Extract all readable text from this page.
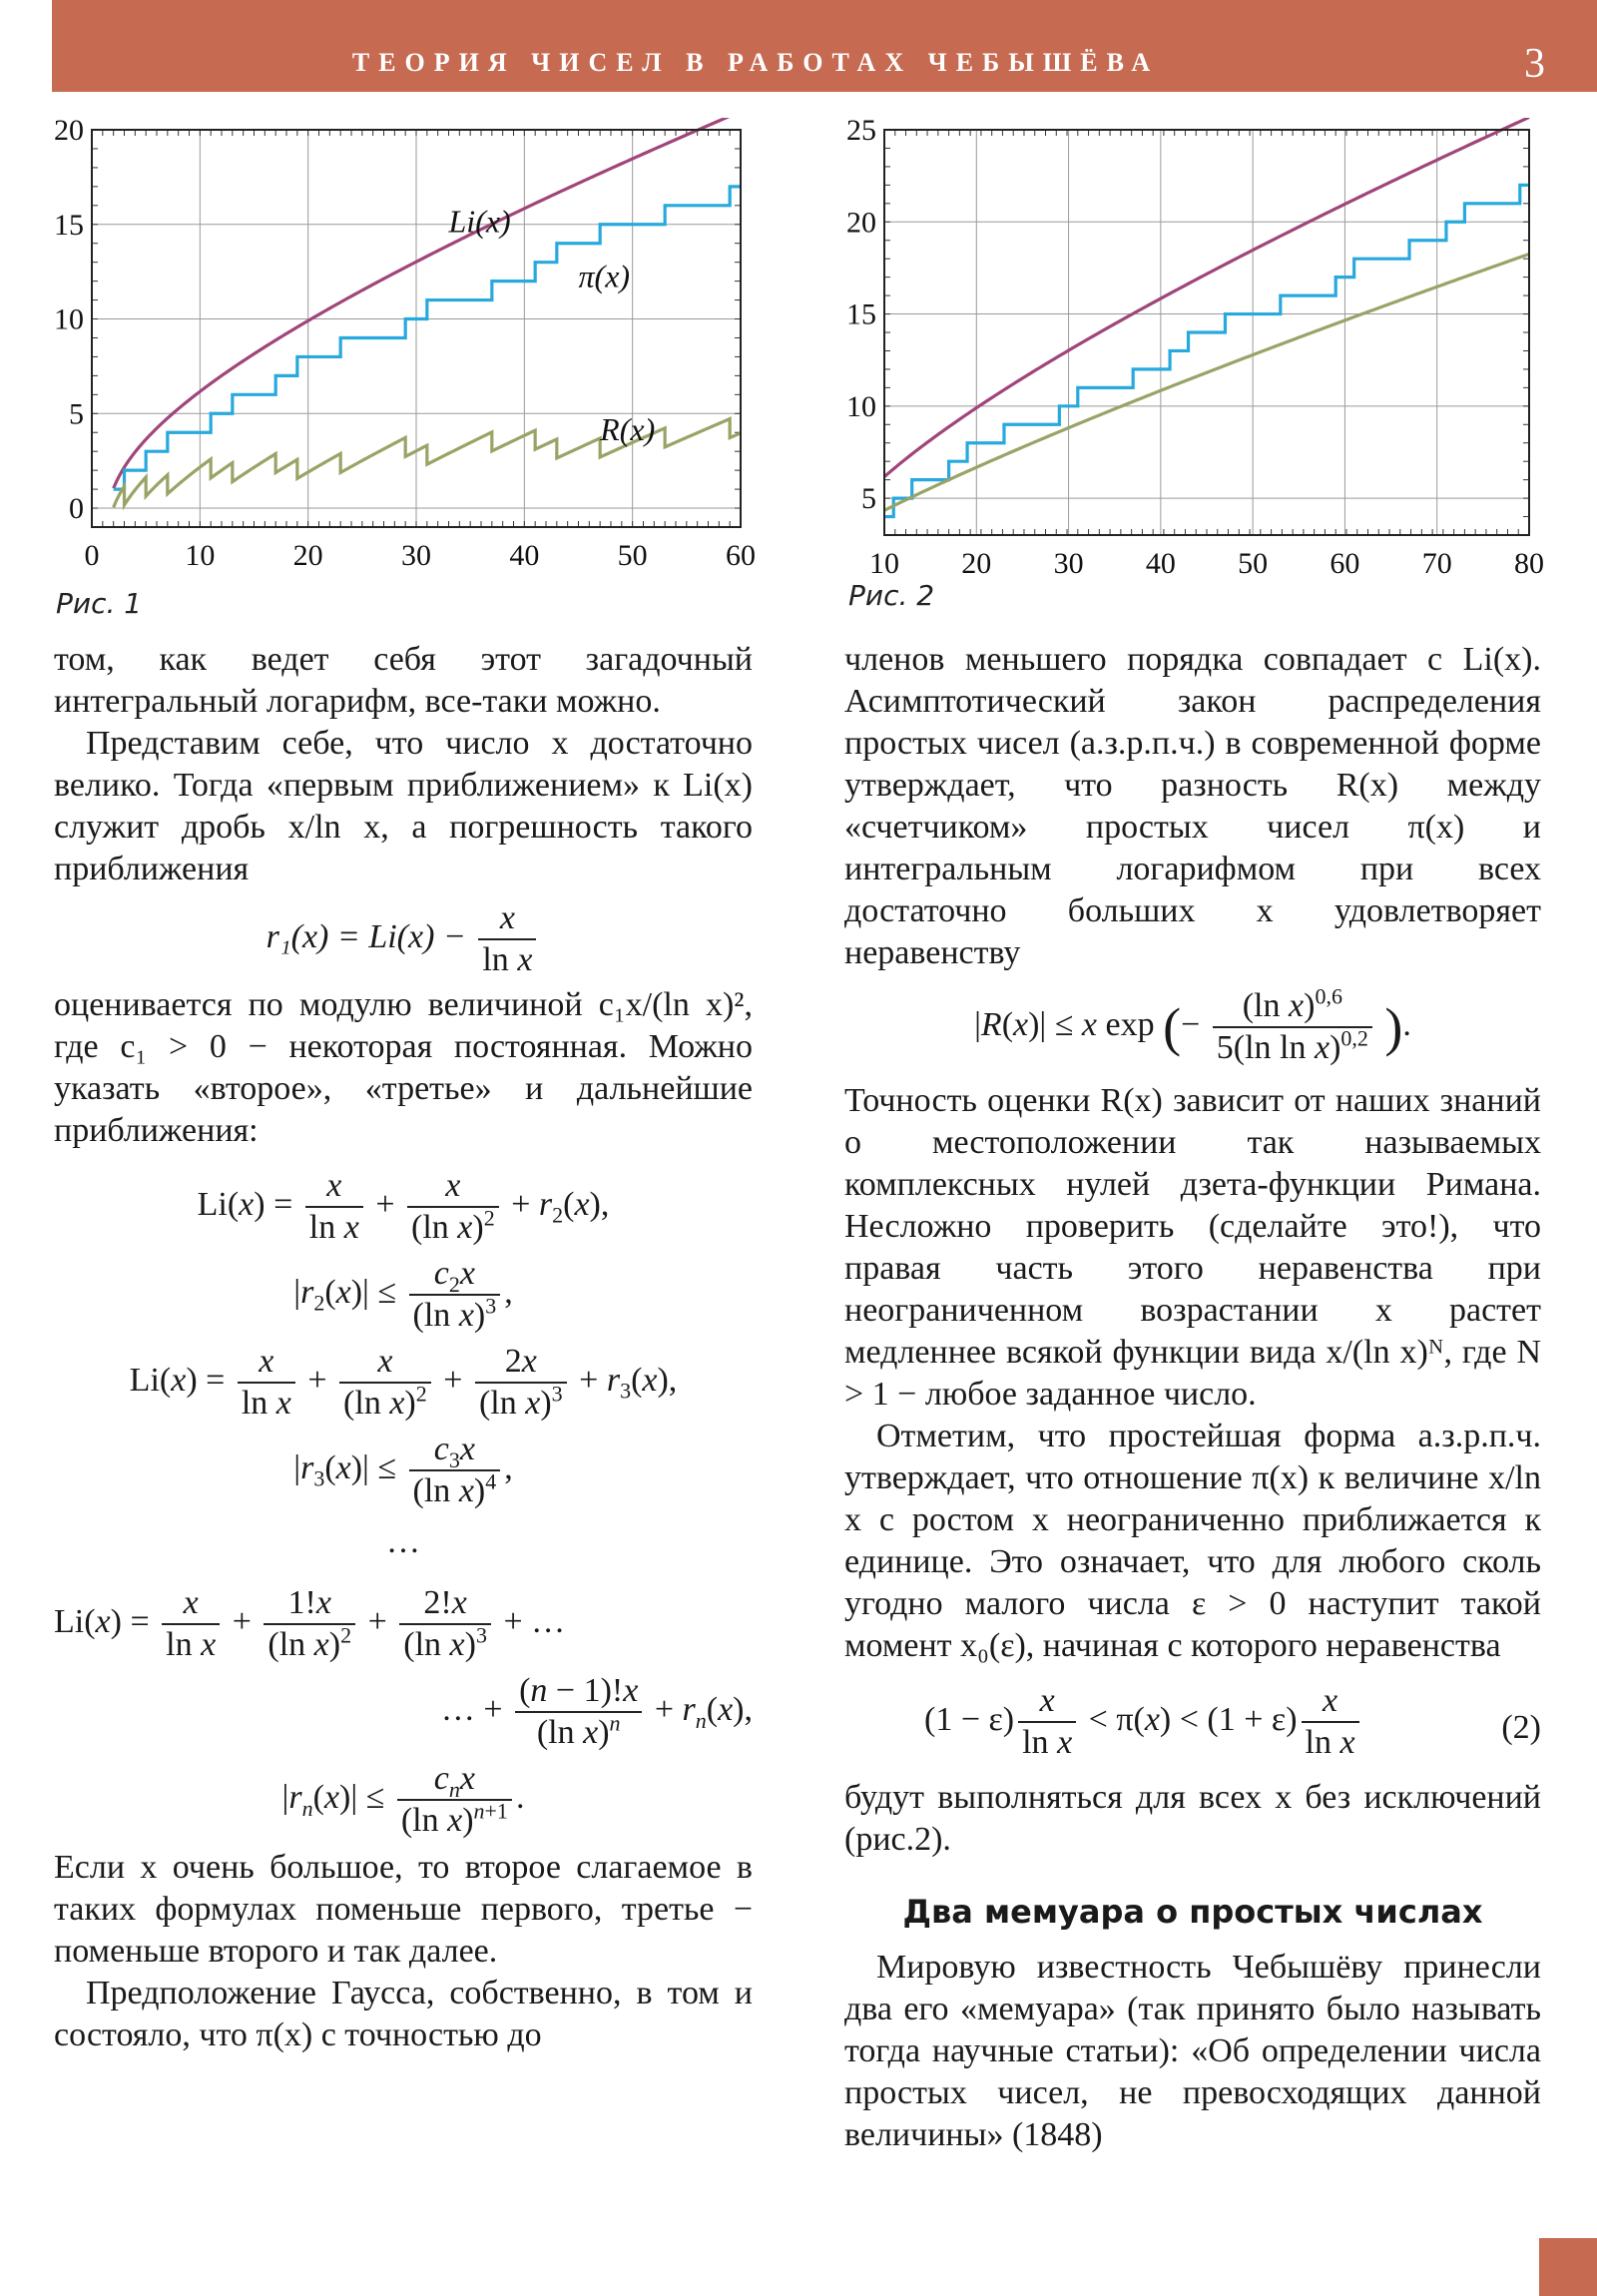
ТЕОРИЯ ЧИСЕЛ В РАБОТАХ ЧЕБЫШЁВА	3
0	10	20	30	40	50	60
0
5
10
15
20
Li(x)
π(x)
R(x)
Рис. 1
10 20 30 40 50 60 70 80
5
10
15
20
25
Рис. 2

том, как ведет себя этот загадочный интегральный логарифм, все-таки можно.

Представим себе, что число x достаточно велико. Тогда «первым приближением» к Li(x) служит дробь x/ln x, а погрешность такого приближения

$r_1(x) = Li(x) - \frac{x}{\text{ln x}}$

оценивается по модулю величиной c₁x/(ln x)², где c₁ > 0 − некоторая постоянная. Можно указать «второе», «третье» и дальнейшие приближения:

$Li(x) = \frac{x}{\text{ln x}} + \frac{x}{(\ln x)^2} + r_2(x)$,
$|r_2(x)| \le \frac{c_2x}{(\ln x)^3}$ ,
$Li(x) = \frac{x}{\text{ln x}} + \frac{x}{(\ln x)^2} + \frac{2x}{(\ln x)^3} + r_3(x)$,
$|r_3(x)| \le \frac{c_3x}{(\ln x)^4}$ ,
…
$Li(x) = \frac{x}{\text{ln x}} + \frac{1!x}{(\ln x)^2} + \frac{2!x}{(\ln x)^3}$ + …
… + $\frac{(n - 1)!x}{(\ln x)^n} + r_n(x)$,
$|r_n(x)| \le \frac{c_nx}{(\ln x)^{n+1}}$ .

Если x очень большое, то второе слагаемое в таких формулах поменьше первого, третье − поменьше второго и так далее.

Предположение Гаусса, собственно, в том и состояло, что π(x) с точностью до

членов меньшего порядка совпадает с Li(x). Асимптотический закон распределения простых чисел (а.з.р.п.ч.) в современной форме утверждает, что разность R(x) между «счетчиком» простых чисел π(x) и интегральным логарифмом при всех достаточно больших x удовлетворяет неравенству

|R(x)| ≤ x exp (− $\frac{(\ln x)^{0,6}}{5(\ln \ln x)^{0,2}}$ ).

Точность оценки R(x) зависит от наших знаний о местоположении так называемых комплексных нулей дзета-функции Римана. Несложно проверить (сделайте это!), что правая часть этого неравенства при неограниченном возрастании x растет медленнее всякой функции вида x/(ln x)ᴺ, где N > 1 − любое заданное число.

Отметим, что простейшая форма а.з.р.п.ч. утверждает, что отношение π(x) к величине x/ln x с ростом x неограниченно приближается к единице. Это означает, что для любого сколь угодно малого числа ε > 0 наступит такой момент x₀(ε), начиная с которого неравенства

$(1 - \varepsilon) \frac{x}{\text{ln x}} < \pi(x) < (1 + \varepsilon) \frac{x}{\text{ln x}}$	(2)

будут выполняться для всех x без исключений (рис.2).

Два мемуара о простых числах

Мировую известность Чебышёву принесли два его «мемуара» (так принято было называть тогда научные статьи): «Об определении числа простых чисел, не превосходящих данной величины» (1848)
